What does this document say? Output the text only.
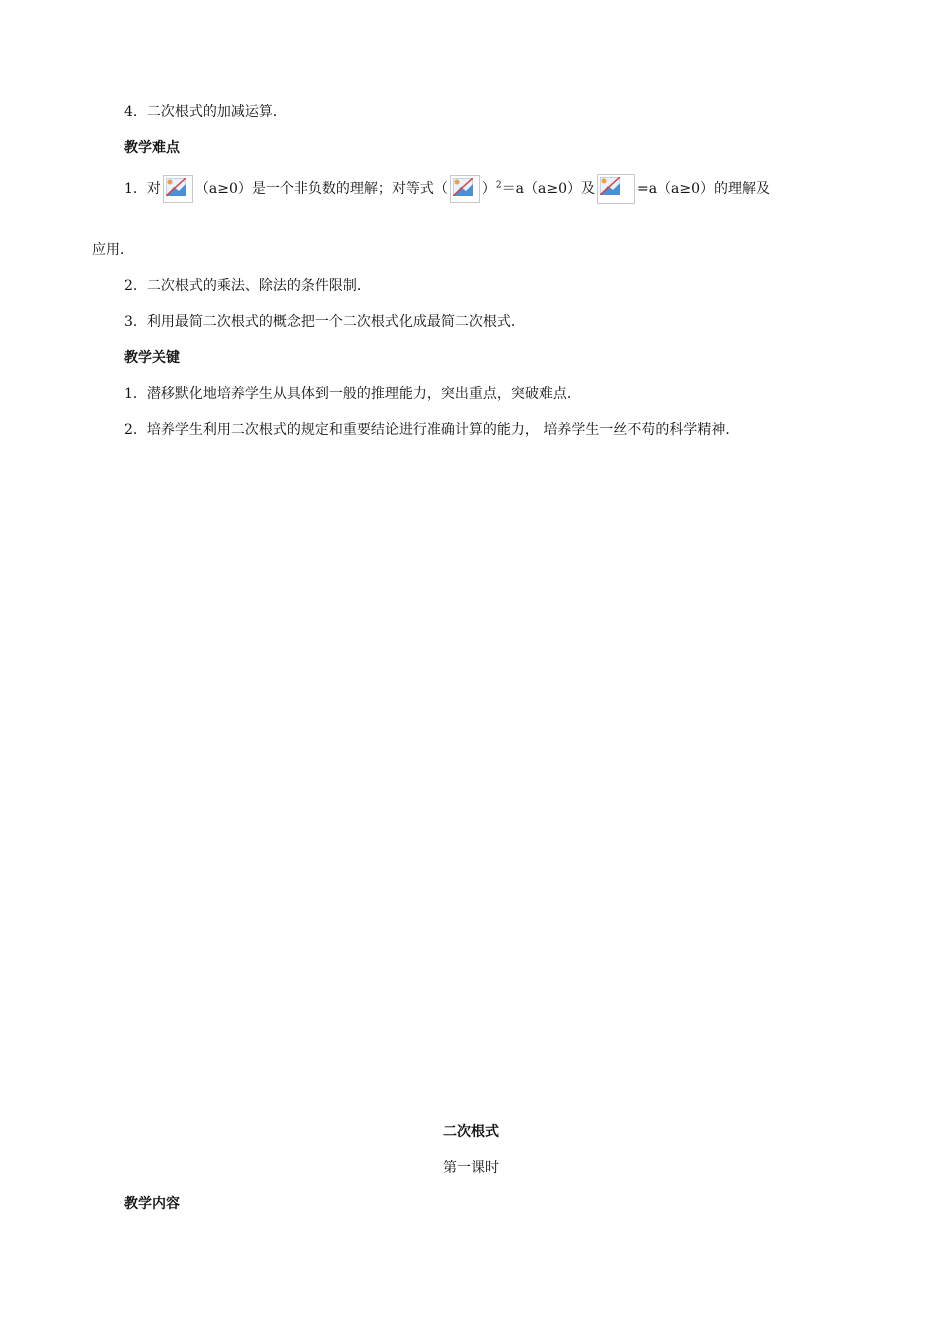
4．二次根式的加减运算．
教学难点
1．对 （a≥0）是一个非负数的理解；对等式（ ）$^2$＝a（a≥0）及	=a（a≥0）的理解及
应用．
2．二次根式的乘法、除法的条件限制．
3．利用最简二次根式的概念把一个二次根式化成最简二次根式．
教学关键
1．潜移默化地培养学生从具体到一般的推理能力，突出重点，突破难点．
2．培养学生利用二次根式的规定和重要结论进行准确计算的能力， 培养学生一丝不苟的科学精神．
二次根式
第一课时
教学内容
